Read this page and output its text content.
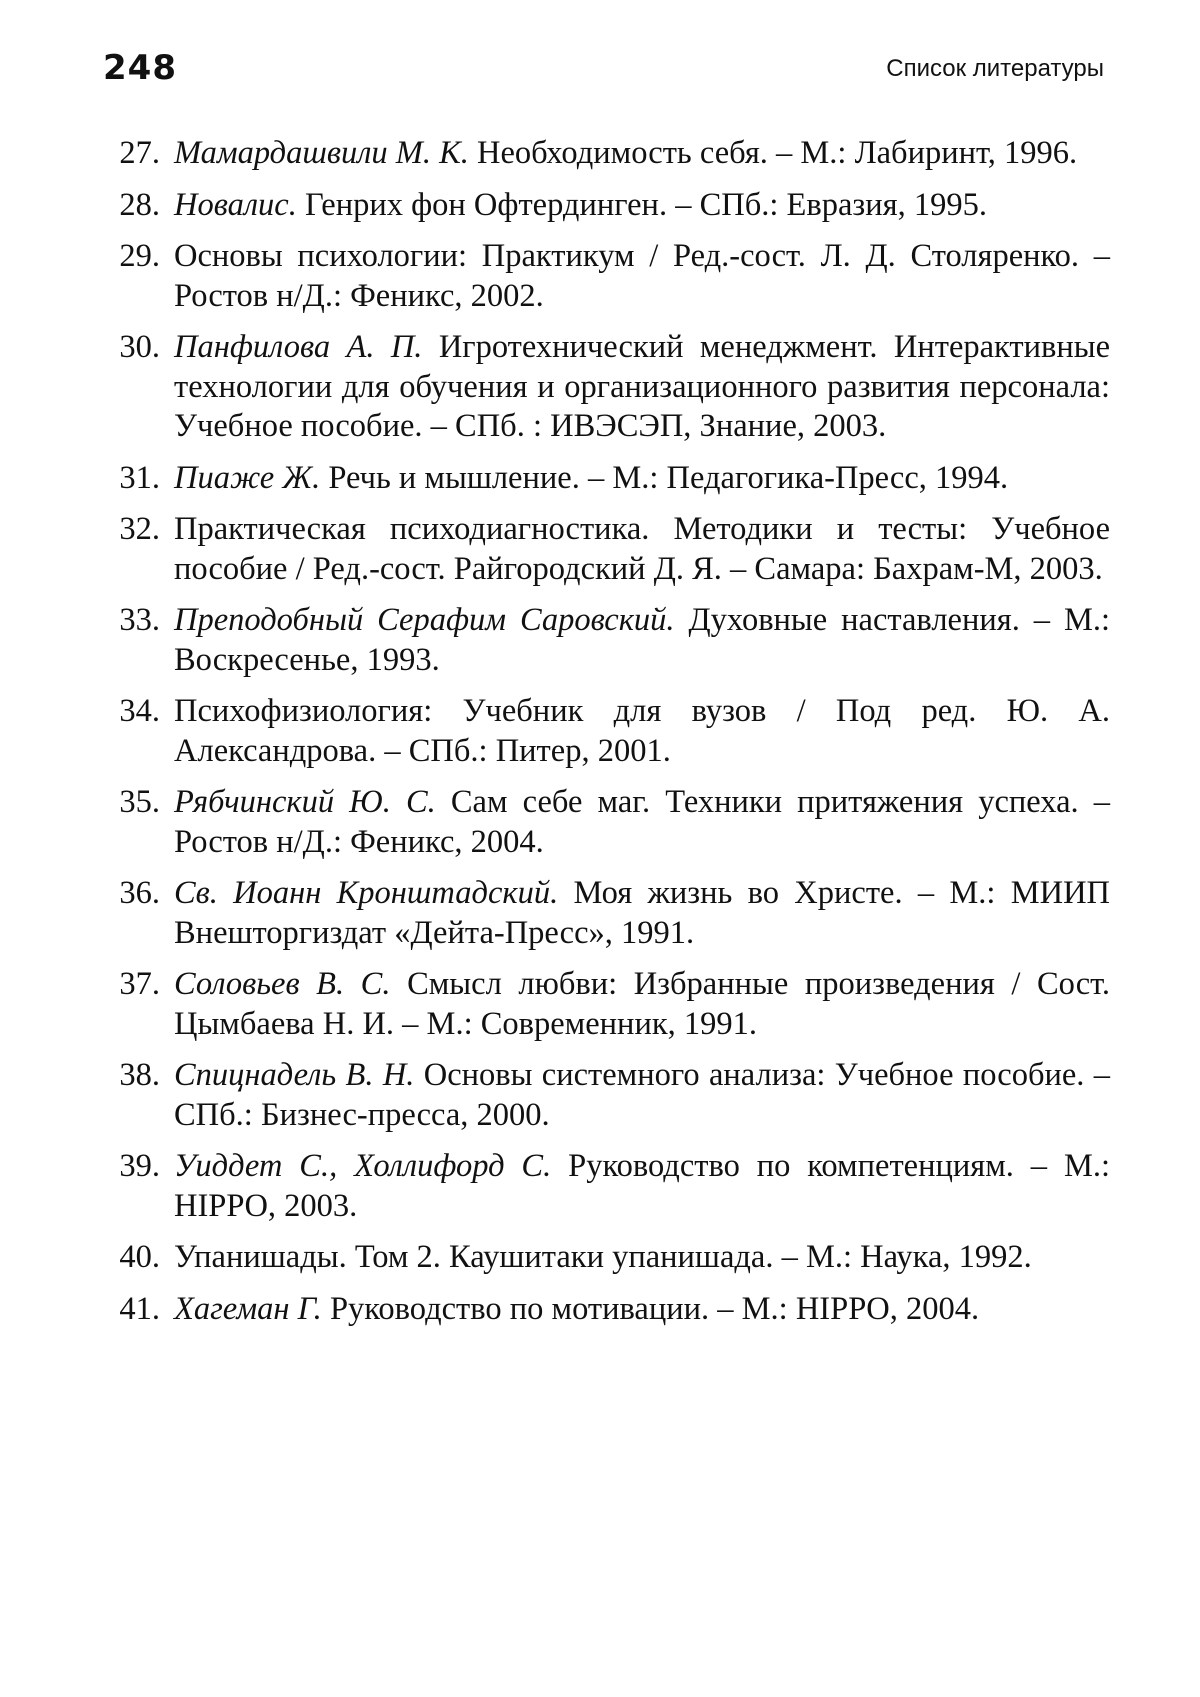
248	Список литературы
27. Мамардашвили М. К. Необходимость себя. – М.: Лабиринт, 1996.
28. Новалис. Генрих фон Офтердинген. – СПб.: Евразия, 1995.
29. Основы психологии: Практикум / Ред.-сост. Л. Д. Столяренко. – Ростов н/Д.: Феникс, 2002.
30. Панфилова А. П. Игротехнический менеджмент. Интерактивные технологии для обучения и организационного развития персонала: Учебное пособие. – СПб. : ИВЭСЭП, Знание, 2003.
31. Пиаже Ж. Речь и мышление. – М.: Педагогика-Пресс, 1994.
32. Практическая психодиагностика. Методики и тесты: Учебное пособие / Ред.-сост. Райгородский Д. Я. – Самара: Бахрам-М, 2003.
33. Преподобный Серафим Саровский. Духовные наставления. – М.: Воскресенье, 1993.
34. Психофизиология: Учебник для вузов / Под ред. Ю. А. Александрова. – СПб.: Питер, 2001.
35. Рябчинский Ю. С. Сам себе маг. Техники притяжения успеха. – Ростов н/Д.: Феникс, 2004.
36. Св. Иоанн Кронштадский. Моя жизнь во Христе. – М.: МИИП Внешторгиздат «Дейта-Пресс», 1991.
37. Соловьев В. С. Смысл любви: Избранные произведения / Сост. Цымбаева Н. И. – М.: Современник, 1991.
38. Спицнадель В. Н. Основы системного анализа: Учебное пособие. – СПб.: Бизнес-пресса, 2000.
39. Уиддет С., Холлифорд С. Руководство по компетенциям. – М.: HIPPO, 2003.
40. Упанишады. Том 2. Каушитаки упанишада. – М.: Наука, 1992.
41. Хагеман Г. Руководство по мотивации. – М.: HIPPO, 2004.
